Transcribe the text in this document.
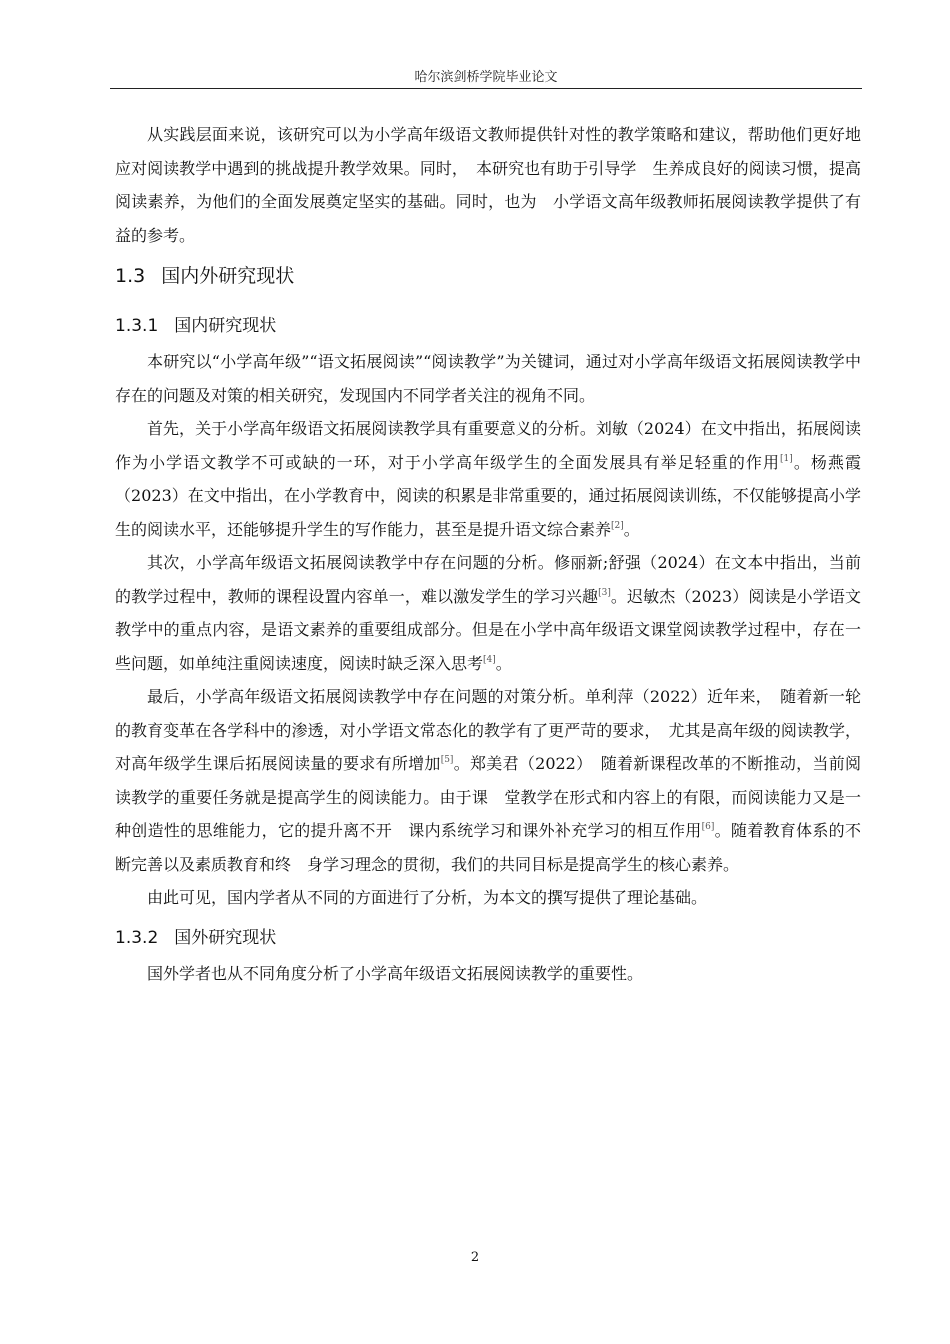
哈尔滨剑桥学院毕业论文

从实践层面来说，该研究可以为小学高年级语文教师提供针对性的教学策略和建议，帮助他们更好地应对阅读教学中遇到的挑战提升教学效果。同时，　本研究也有助于引导学　生养成良好的阅读习惯，提高阅读素养，为他们的全面发展奠定坚实的基础。同时，也为　小学语文高年级教师拓展阅读教学提供了有益的参考。

1.3 国内外研究现状
1.3.1 国内研究现状

本研究以“小学高年级”“语文拓展阅读”“阅读教学”为关键词，通过对小学高年级语文拓展阅读教学中存在的问题及对策的相关研究，发现国内不同学者关注的视角不同。

首先，关于小学高年级语文拓展阅读教学具有重要意义的分析。刘敏（2024）在文中指出，拓展阅读作为小学语文教学不可或缺的一环，对于小学高年级学生的全面发展具有举足轻重的作用[1]。杨燕霞（2023）在文中指出，在小学教育中，阅读的积累是非常重要的，通过拓展阅读训练，不仅能够提高小学生的阅读水平，还能够提升学生的写作能力，甚至是提升语文综合素养[2]。

其次，小学高年级语文拓展阅读教学中存在问题的分析。修丽新;舒强（2024）在文本中指出，当前的教学过程中，教师的课程设置内容单一，难以激发学生的学习兴趣[3]。迟敏杰（2023）阅读是小学语文教学中的重点内容，是语文素养的重要组成部分。但是在小学中高年级语文课堂阅读教学过程中，存在一些问题，如单纯注重阅读速度，阅读时缺乏深入思考[4]。

最后，小学高年级语文拓展阅读教学中存在问题的对策分析。单利萍（2022）近年来，　随着新一轮的教育变革在各学科中的渗透，对小学语文常态化的教学有了更严苛的要求，　尤其是高年级的阅读教学，对高年级学生课后拓展阅读量的要求有所增加[5]。郑美君（2022）　随着新课程改革的不断推动，当前阅读教学的重要任务就是提高学生的阅读能力。由于课　堂教学在形式和内容上的有限，而阅读能力又是一种创造性的思维能力，它的提升离不开　课内系统学习和课外补充学习的相互作用[6]。随着教育体系的不断完善以及素质教育和终　身学习理念的贯彻，我们的共同目标是提高学生的核心素养。

由此可见，国内学者从不同的方面进行了分析，为本文的撰写提供了理论基础。

1.3.2 国外研究现状

国外学者也从不同角度分析了小学高年级语文拓展阅读教学的重要性。

2
